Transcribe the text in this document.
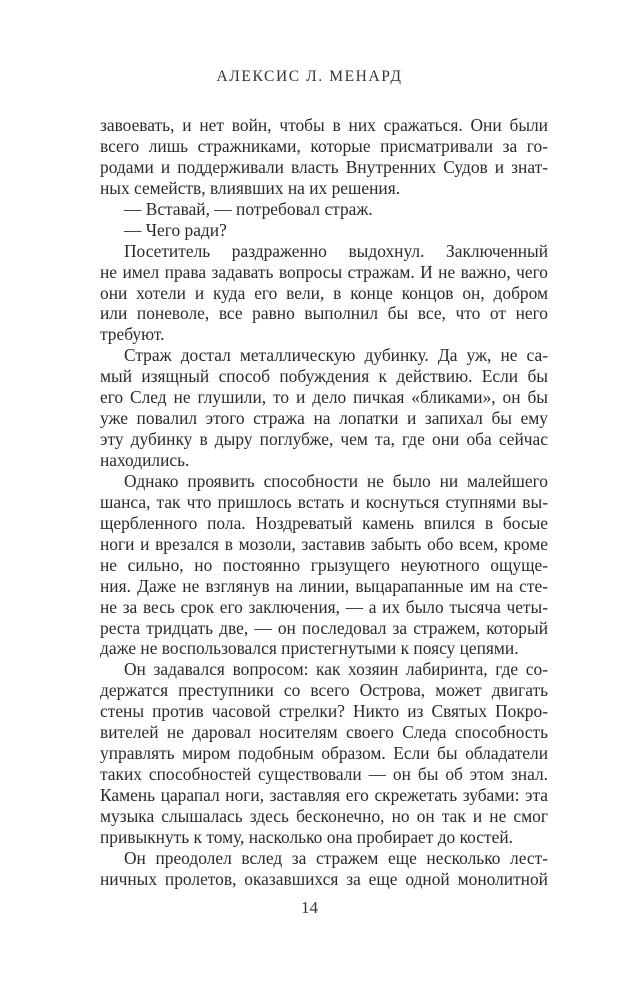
АЛЕКСИС Л. МЕНАРД
завоевать, и нет войн, чтобы в них сражаться. Они были
всего лишь стражниками, которые присматривали за го-
родами и поддерживали власть Внутренних Судов и знат-
ных семейств, влиявших на их решения.
— Вставай, — потребовал страж.
— Чего ради?
Посетитель раздраженно выдохнул. Заключенный
не имел права задавать вопросы стражам. И не важно, чего
они хотели и куда его вели, в конце концов он, добром
или поневоле, все равно выполнил бы все, что от него
требуют.
Страж достал металлическую дубинку. Да уж, не са-
мый изящный способ побуждения к действию. Если бы
его След не глушили, то и дело пичкая «бликами», он бы
уже повалил этого стража на лопатки и запихал бы ему
эту дубинку в дыру поглубже, чем та, где они оба сейчас
находились.
Однако проявить способности не было ни малейшего
шанса, так что пришлось встать и коснуться ступнями вы-
щербленного пола. Ноздреватый камень впился в босые
ноги и врезался в мозоли, заставив забыть обо всем, кроме
не сильно, но постоянно грызущего неуютного ощуще-
ния. Даже не взглянув на линии, выцарапанные им на сте-
не за весь срок его заключения, — а их было тысяча четы-
реста тридцать две, — он последовал за стражем, который
даже не воспользовался пристегнутыми к поясу цепями.
Он задавался вопросом: как хозяин лабиринта, где со-
держатся преступники со всего Острова, может двигать
стены против часовой стрелки? Никто из Святых Покро-
вителей не даровал носителям своего Следа способность
управлять миром подобным образом. Если бы обладатели
таких способностей существовали — он бы об этом знал.
Камень царапал ноги, заставляя его скрежетать зубами: эта
музыка слышалась здесь бесконечно, но он так и не смог
привыкнуть к тому, насколько она пробирает до костей.
Он преодолел вслед за стражем еще несколько лест-
ничных пролетов, оказавшихся за еще одной монолитной
14
